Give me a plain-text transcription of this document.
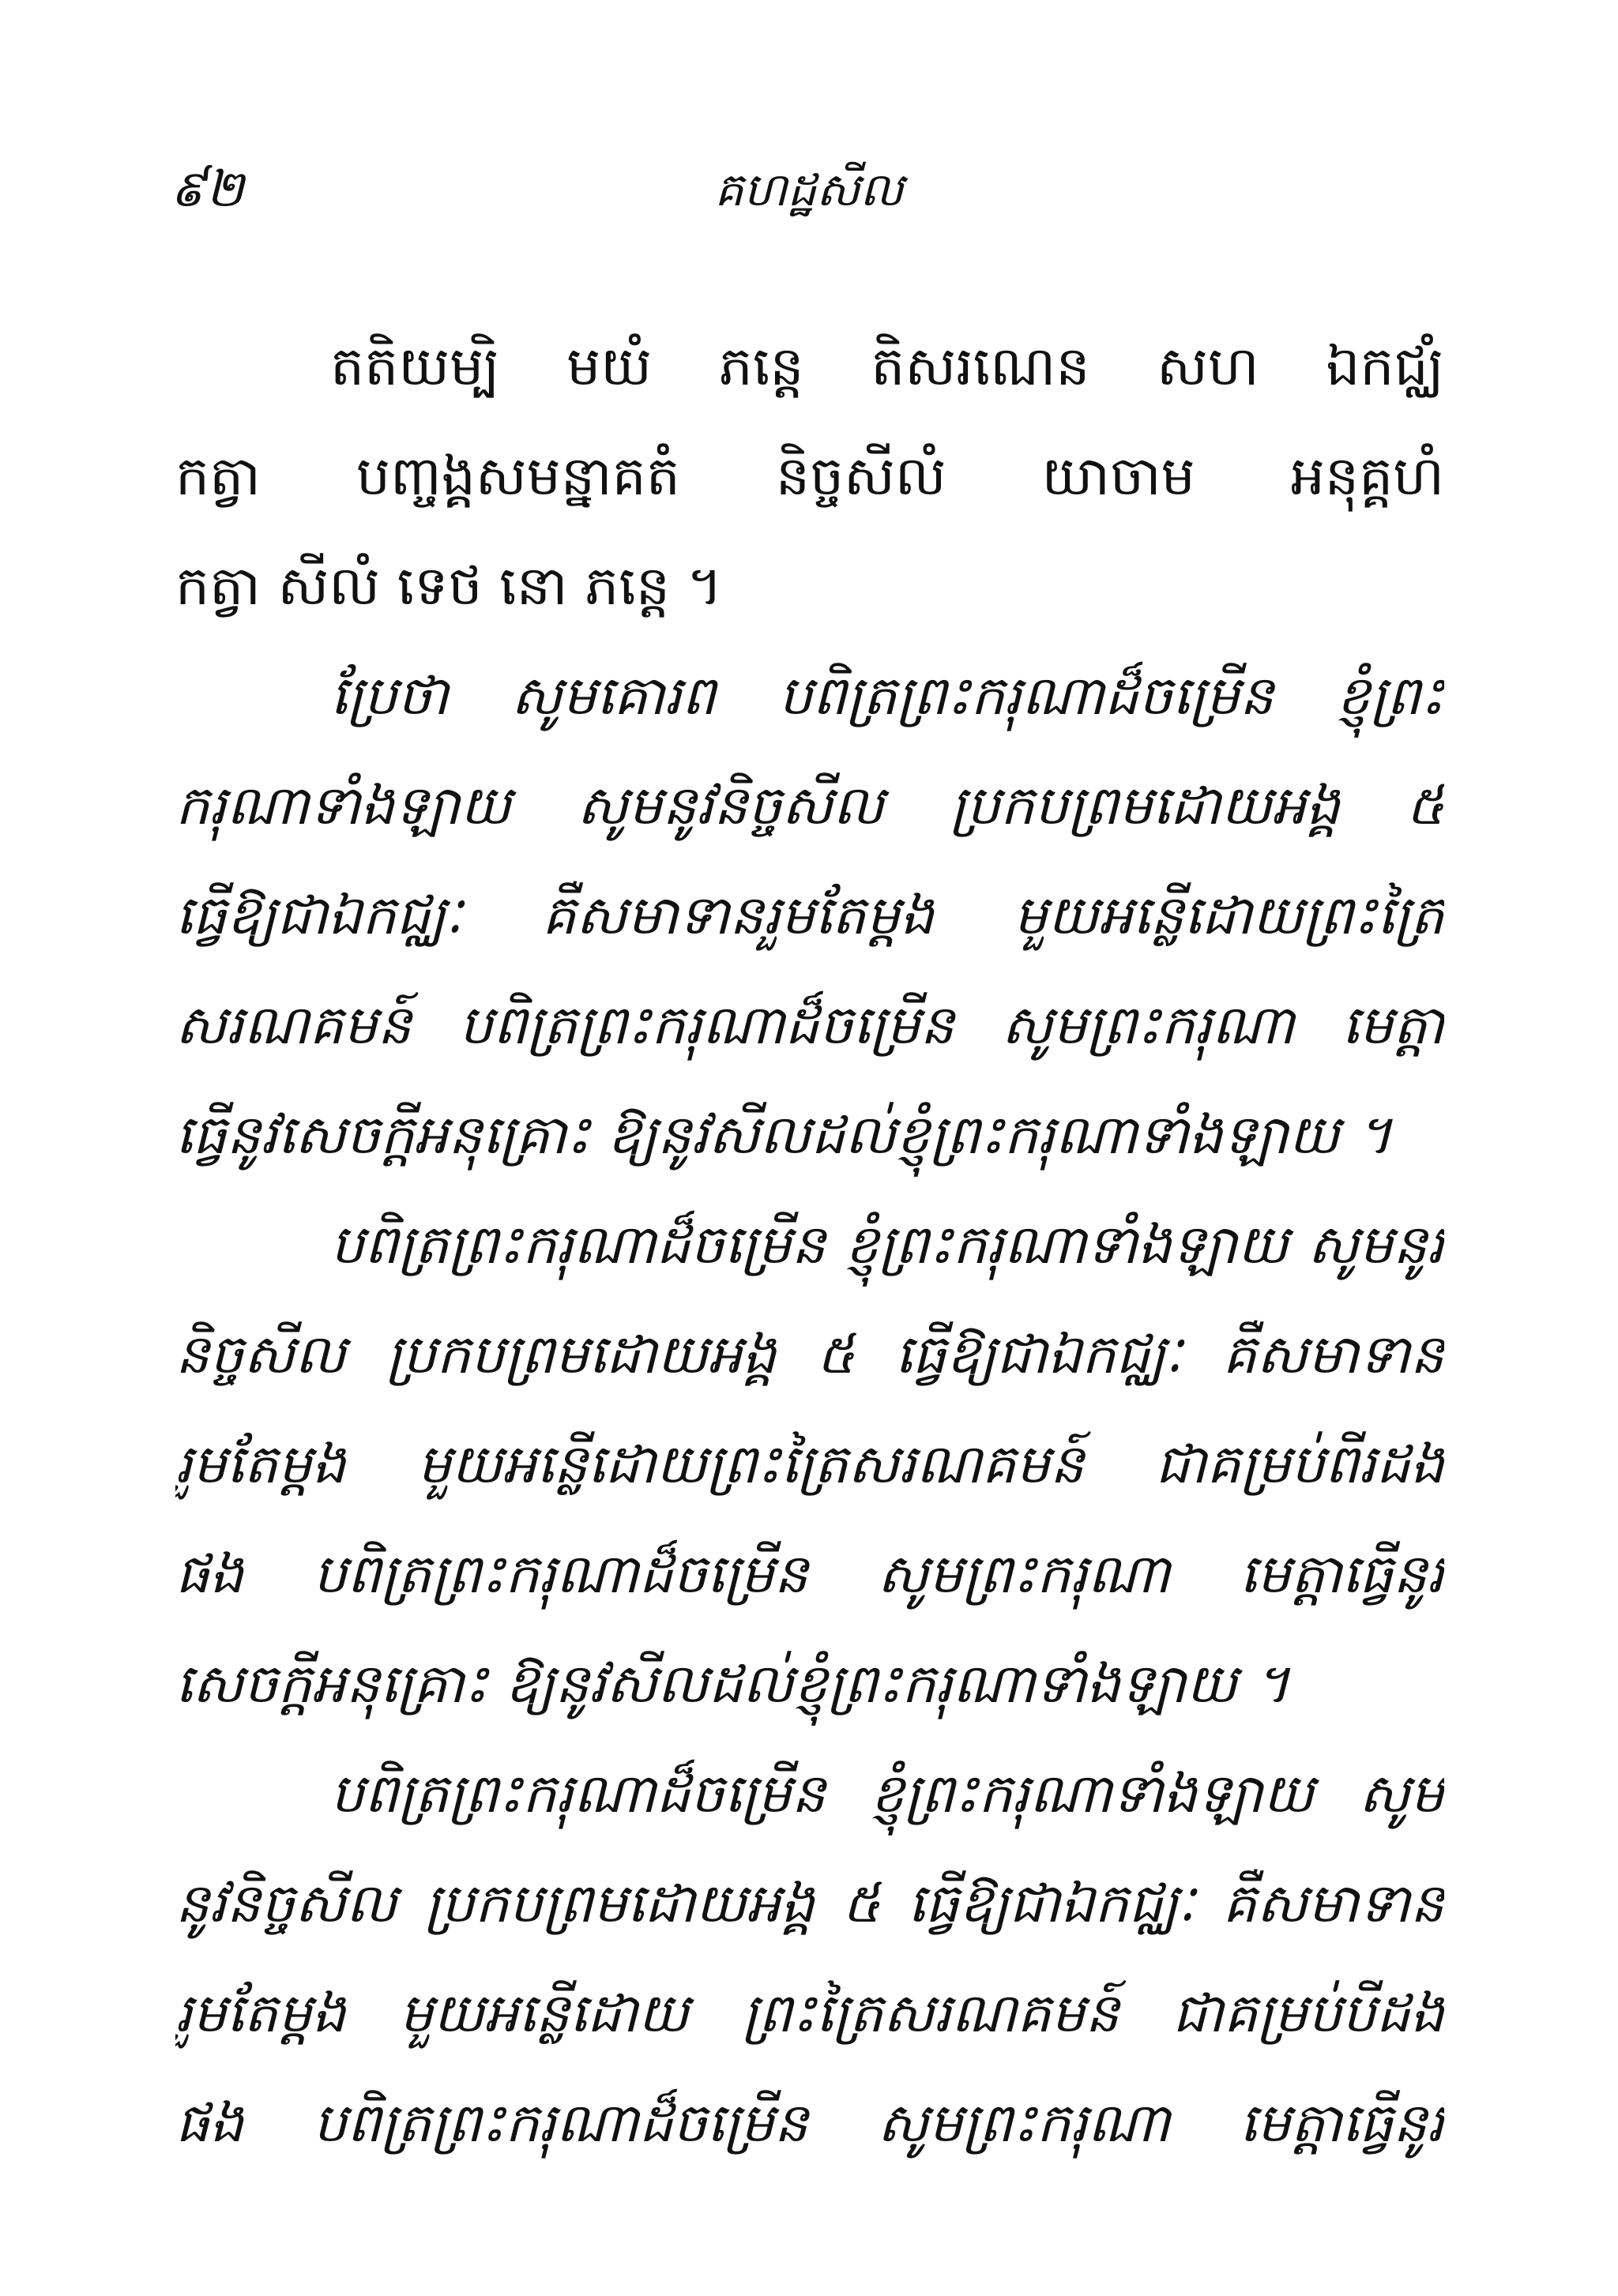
៩២	គហដ្ឋសីល
តតិយម្បិ មយំ ភន្តេ តិសរណេន សហ ឯកជ្ឈំ
កត្វា បញ្ចង្គសមន្នាគតំ និច្ចសីលំ យាចាម អនុគ្គហំ
កត្វា សីលំ ទេថ នោ ភន្តេ ។
ប្រែថា សូមគោរព បពិត្រព្រះករុណាដ៏ចម្រើន ខ្ញុំព្រះ
ករុណាទាំងឡាយ សូមនូវនិច្ចសីល ប្រកបព្រមដោយអង្គ ៥
ធ្វើឱ្យជាឯកជ្ឈៈ គឺសមាទានរួមតែម្តង មួយអន្លើដោយព្រះត្រៃ
សរណគមន៍ បពិត្រព្រះករុណាដ៏ចម្រើន សូមព្រះករុណា មេត្តា
ធ្វើនូវសេចក្តីអនុគ្រោះ ឱ្យនូវសីលដល់ខ្ញុំព្រះករុណាទាំងឡាយ ។
បពិត្រព្រះករុណាដ៏ចម្រើន ខ្ញុំព្រះករុណាទាំងឡាយ សូមនូវ
និច្ចសីល ប្រកបព្រមដោយអង្គ ៥ ធ្វើឱ្យជាឯកជ្ឈៈ គឺសមាទាន
រួមតែម្តង មួយអន្លើដោយព្រះត្រៃសរណគមន៍ ជាគម្រប់ពីរដង
ផង បពិត្រព្រះករុណាដ៏ចម្រើន សូមព្រះករុណា មេត្តាធ្វើនូវ
សេចក្តីអនុគ្រោះ ឱ្យនូវសីលដល់ខ្ញុំព្រះករុណាទាំងឡាយ ។
បពិត្រព្រះករុណាដ៏ចម្រើន ខ្ញុំព្រះករុណាទាំងឡាយ សូម
នូវនិច្ចសីល ប្រកបព្រមដោយអង្គ ៥ ធ្វើឱ្យជាឯកជ្ឈៈ គឺសមាទាន
រួមតែម្តង មួយអន្លើដោយ ព្រះត្រៃសរណគមន៍ ជាគម្រប់បីដង
ផង បពិត្រព្រះករុណាដ៏ចម្រើន សូមព្រះករុណា មេត្តាធ្វើនូវ
